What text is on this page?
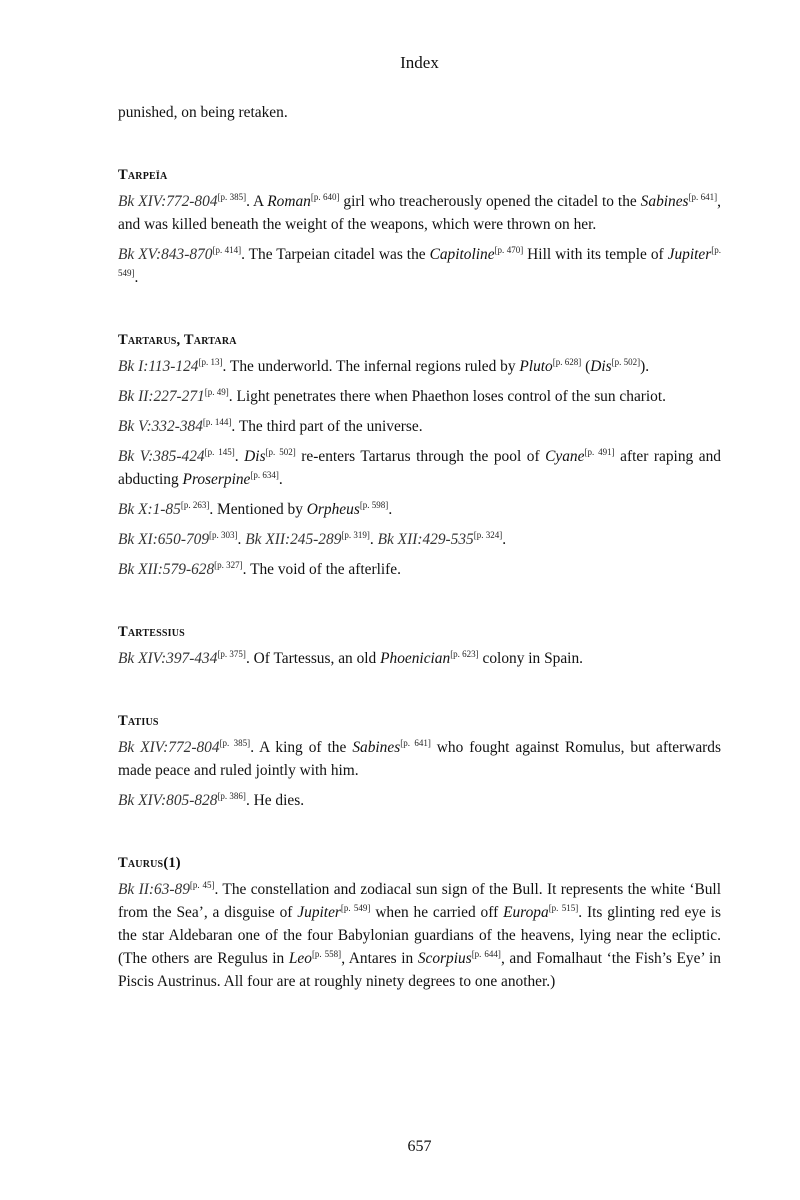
Index

punished, on being retaken.

Tarpeïa

Bk XIV:772-804[p. 385]. A Roman[p. 640] girl who treacherously opened the citadel to the Sabines[p. 641], and was killed beneath the weight of the weapons, which were thrown on her.

Bk XV:843-870[p. 414]. The Tarpeian citadel was the Capitoline[p. 470] Hill with its temple of Jupiter[p. 549].

Tartarus, Tartara

Bk I:113-124[p. 13]. The underworld. The infernal regions ruled by Pluto[p. 628] (Dis[p. 502]).

Bk II:227-271[p. 49]. Light penetrates there when Phaethon loses control of the sun chariot.

Bk V:332-384[p. 144]. The third part of the universe.

Bk V:385-424[p. 145]. Dis[p. 502] re-enters Tartarus through the pool of Cyane[p. 491] after raping and abducting Proserpine[p. 634].

Bk X:1-85[p. 263]. Mentioned by Orpheus[p. 598].

Bk XI:650-709[p. 303]. Bk XII:245-289[p. 319]. Bk XII:429-535[p. 324].

Bk XII:579-628[p. 327]. The void of the afterlife.

Tartessius

Bk XIV:397-434[p. 375]. Of Tartessus, an old Phoenician[p. 623] colony in Spain.

Tatius

Bk XIV:772-804[p. 385]. A king of the Sabines[p. 641] who fought against Romulus, but afterwards made peace and ruled jointly with him.

Bk XIV:805-828[p. 386]. He dies.

Taurus(1)

Bk II:63-89[p. 45]. The constellation and zodiacal sun sign of the Bull. It represents the white ‘Bull from the Sea’, a disguise of Jupiter[p. 549] when he carried off Europa[p. 515]. Its glinting red eye is the star Aldebaran one of the four Babylonian guardians of the heavens, lying near the ecliptic. (The others are Regulus in Leo[p. 558], Antares in Scorpius[p. 644], and Fomalhaut ‘the Fish’s Eye’ in Piscis Austrinus. All four are at roughly ninety degrees to one another.)

657
